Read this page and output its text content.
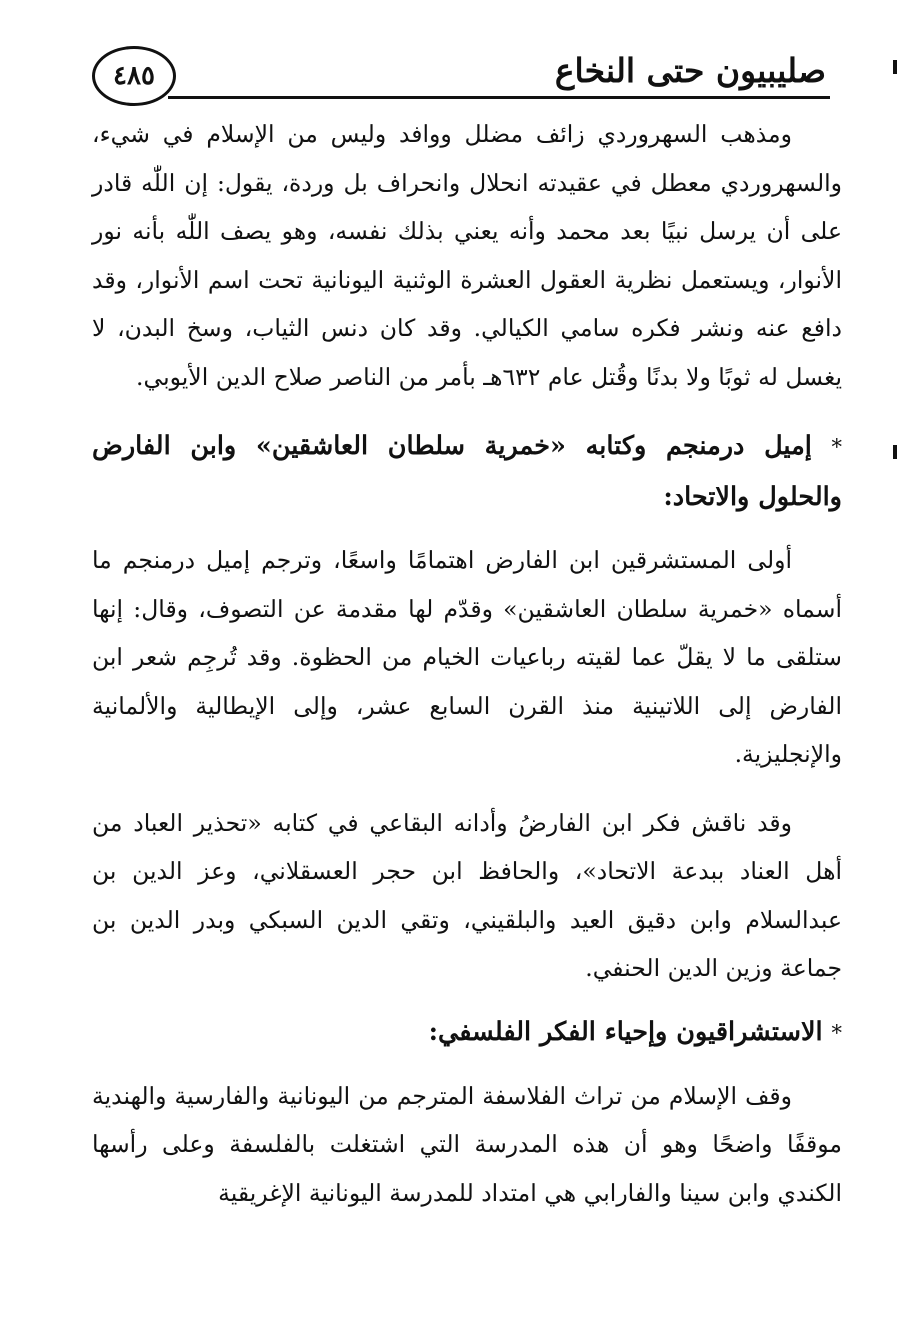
٤٨٥	صليبيون حتى النخاع

ومذهب السهروردي زائف مضلل ووافد وليس من الإسلام في شيء، والسهروردي معطل في عقيدته انحلال وانحراف بل وردة، يقول: إن اللّٰه قادر على أن يرسل نبيًا بعد محمد وأنه يعني بذلك نفسه، وهو يصف اللّٰه بأنه نور الأنوار، ويستعمل نظرية العقول العشرة الوثنية اليونانية تحت اسم الأنوار، وقد دافع عنه ونشر فكره سامي الكيالي. وقد كان دنس الثياب، وسخ البدن، لا يغسل له ثوبًا ولا بدنًا وقُتل عام ٦٣٢هـ بأمر من الناصر صلاح الدين الأيوبي.

* إميل درمنجم وكتابه «خمرية سلطان العاشقين» وابن الفارض والحلول والاتحاد:

أولى المستشرقين ابن الفارض اهتمامًا واسعًا، وترجم إميل درمنجم ما أسماه «خمرية سلطان العاشقين» وقدّم لها مقدمة عن التصوف، وقال: إنها ستلقى ما لا يقلّ عما لقيته رباعيات الخيام من الحظوة. وقد تُرجِم شعر ابن الفارض إلى اللاتينية منذ القرن السابع عشر، وإلى الإيطالية والألمانية والإنجليزية.

وقد ناقش فكر ابن الفارضُ وأدانه البقاعي في كتابه «تحذير العباد من أهل العناد ببدعة الاتحاد»، والحافظ ابن حجر العسقلاني، وعز الدين بن عبدالسلام وابن دقيق العيد والبلقيني، وتقي الدين السبكي وبدر الدين بن جماعة وزين الدين الحنفي.

* الاستشراقيون وإحياء الفكر الفلسفي:

وقف الإسلام من تراث الفلاسفة المترجم من اليونانية والفارسية والهندية موقفًا واضحًا وهو أن هذه المدرسة التي اشتغلت بالفلسفة وعلى رأسها الكندي وابن سينا والفارابي هي امتداد للمدرسة اليونانية الإغريقية
